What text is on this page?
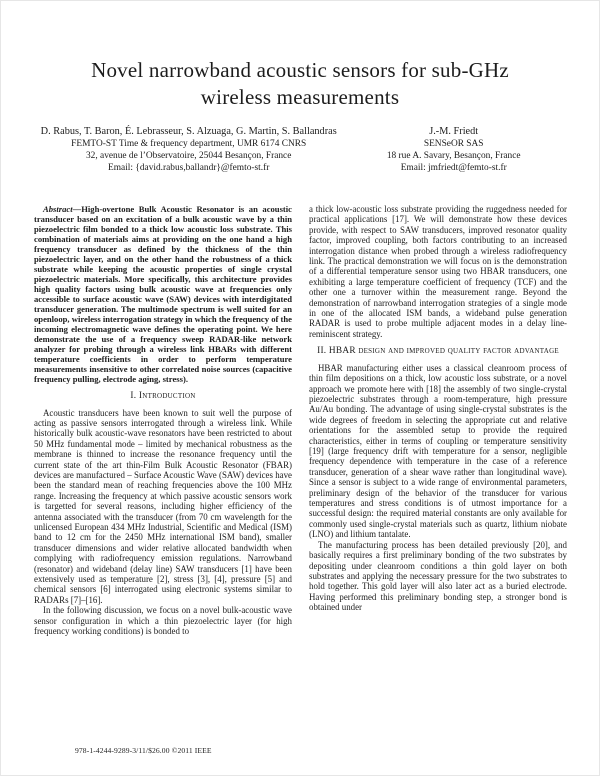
Novel narrowband acoustic sensors for sub-GHz
wireless measurements
D. Rabus, T. Baron, É. Lebrasseur, S. Alzuaga, G. Martin, S. Ballandras
FEMTO-ST Time & frequency department, UMR 6174 CNRS
32, avenue de l’Observatoire, 25044 Besançon, France
Email: {david.rabus,ballandr}@femto-st.fr
J.-M. Friedt
SENSeOR SAS
18 rue A. Savary, Besançon, France
Email: jmfriedt@femto-st.fr

Abstract—High-overtone Bulk Acoustic Resonator is an acoustic transducer based on an excitation of a bulk acoustic wave by a thin piezoelectric film bonded to a thick low acoustic loss substrate. This combination of materials aims at providing on the one hand a high frequency transducer as defined by the thickness of the thin piezoelectric layer, and on the other hand the robustness of a thick substrate while keeping the acoustic properties of single crystal piezoelectric materials. More specifically, this architecture provides high quality factors using bulk acoustic wave at frequencies only accessible to surface acoustic wave (SAW) devices with interdigitated transducer generation. The multimode spectrum is well suited for an openloop, wireless interrogation strategy in which the frequency of the incoming electromagnetic wave defines the operating point. We here demonstrate the use of a frequency sweep RADAR-like network analyzer for probing through a wireless link HBARs with different temperature coefficients in order to perform temperature measurements insensitive to other correlated noise sources (capacitive frequency pulling, electrode aging, stress).

I. Introduction

Acoustic transducers have been known to suit well the purpose of acting as passive sensors interrogated through a wireless link. While historically bulk acoustic-wave resonators have been restricted to about 50 MHz fundamental mode – limited by mechanical robustness as the membrane is thinned to increase the resonance frequency until the current state of the art thin-Film Bulk Acoustic Resonator (FBAR) devices are manufactured – Surface Acoustic Wave (SAW) devices have been the standard mean of reaching frequencies above the 100 MHz range. Increasing the frequency at which passive acoustic sensors work is targetted for several reasons, including higher efficiency of the antenna associated with the transducer (from 70 cm wavelength for the unlicensed European 434 MHz Industrial, Scientific and Medical (ISM) band to 12 cm for the 2450 MHz international ISM band), smaller transducer dimensions and wider relative allocated bandwidth when complying with radiofrequency emission regulations. Narrowband (resonator) and wideband (delay line) SAW transducers [1] have been extensively used as temperature [2], stress [3], [4], pressure [5] and chemical sensors [6] interrogated using electronic systems similar to RADARs [7]–[16].

In the following discussion, we focus on a novel bulk-acoustic wave sensor configuration in which a thin piezoelectric layer (for high frequency working conditions) is bonded to

a thick low-acoustic loss substrate providing the ruggedness needed for practical applications [17]. We will demonstrate how these devices provide, with respect to SAW transducers, improved resonator quality factor, improved coupling, both factors contributing to an increased interrogation distance when probed through a wireless radiofrequency link. The practical demonstration we will focus on is the demonstration of a differential temperature sensor using two HBAR transducers, one exhibiting a large temperature coefficient of frequency (TCF) and the other one a turnover within the measurement range. Beyond the demonstration of narrowband interrogation strategies of a single mode in one of the allocated ISM bands, a wideband pulse generation RADAR is used to probe multiple adjacent modes in a delay line-reminiscent strategy.

II. HBAR design and improved quality factor advantage

HBAR manufacturing either uses a classical cleanroom process of thin film depositions on a thick, low acoustic loss substrate, or a novel approach we promote here with [18] the assembly of two single-crystal piezoelectric substrates through a room-temperature, high pressure Au/Au bonding. The advantage of using single-crystal substrates is the wide degrees of freedom in selecting the appropriate cut and relative orientations for the assembled setup to provide the required characteristics, either in terms of coupling or temperature sensitivity [19] (large frequency drift with temperature for a sensor, negligible frequency dependence with temperature in the case of a reference transducer, generation of a shear wave rather than longitudinal wave). Since a sensor is subject to a wide range of environmental parameters, preliminary design of the behavior of the transducer for various temperatures and stress conditions is of utmost importance for a successful design: the required material constants are only available for commonly used single-crystal materials such as quartz, lithium niobate (LNO) and lithium tantalate.

The manufacturing process has been detailed previously [20], and basically requires a first preliminary bonding of the two substrates by depositing under cleanroom conditions a thin gold layer on both substrates and applying the necessary pressure for the two substrates to hold together. This gold layer will also later act as a buried electrode. Having performed this preliminary bonding step, a stronger bond is obtained under

978-1-4244-9289-3/11/$26.00 ©2011 IEEE
